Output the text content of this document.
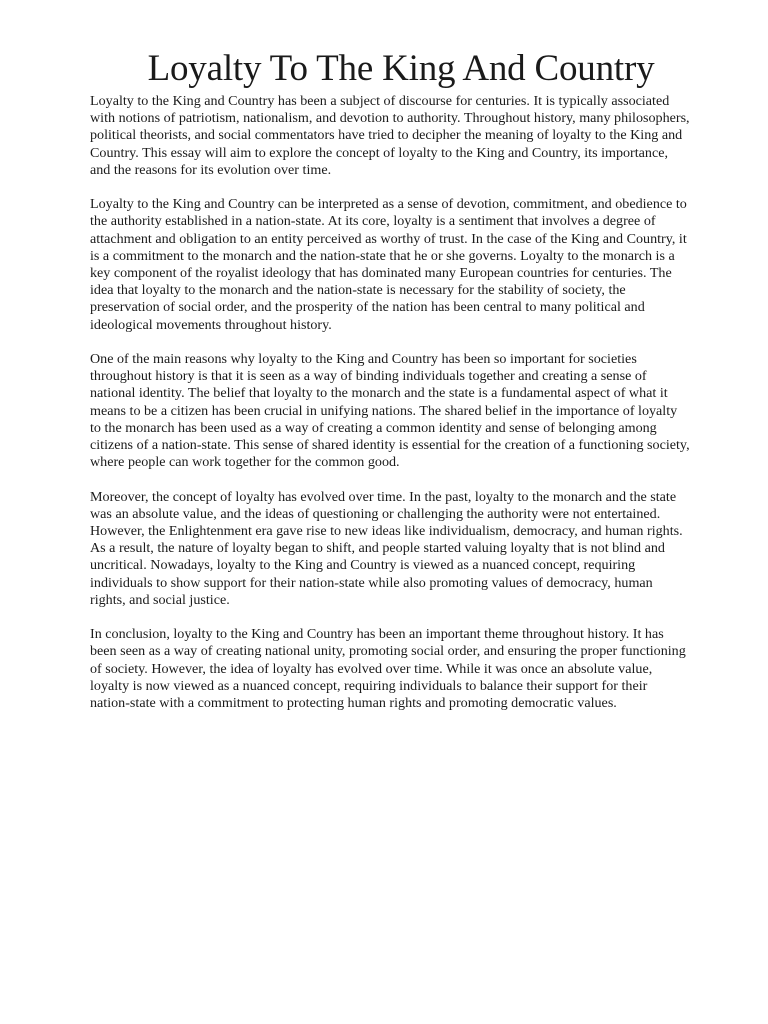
Loyalty To The King And Country

Loyalty to the King and Country has been a subject of discourse for centuries. It is typically associated with notions of patriotism, nationalism, and devotion to authority. Throughout history, many philosophers, political theorists, and social commentators have tried to decipher the meaning of loyalty to the King and Country. This essay will aim to explore the concept of loyalty to the King and Country, its importance, and the reasons for its evolution over time.

Loyalty to the King and Country can be interpreted as a sense of devotion, commitment, and obedience to the authority established in a nation-state. At its core, loyalty is a sentiment that involves a degree of attachment and obligation to an entity perceived as worthy of trust. In the case of the King and Country, it is a commitment to the monarch and the nation-state that he or she governs. Loyalty to the monarch is a key component of the royalist ideology that has dominated many European countries for centuries. The idea that loyalty to the monarch and the nation-state is necessary for the stability of society, the preservation of social order, and the prosperity of the nation has been central to many political and ideological movements throughout history.

One of the main reasons why loyalty to the King and Country has been so important for societies throughout history is that it is seen as a way of binding individuals together and creating a sense of national identity. The belief that loyalty to the monarch and the state is a fundamental aspect of what it means to be a citizen has been crucial in unifying nations. The shared belief in the importance of loyalty to the monarch has been used as a way of creating a common identity and sense of belonging among citizens of a nation-state. This sense of shared identity is essential for the creation of a functioning society, where people can work together for the common good.

Moreover, the concept of loyalty has evolved over time. In the past, loyalty to the monarch and the state was an absolute value, and the ideas of questioning or challenging the authority were not entertained. However, the Enlightenment era gave rise to new ideas like individualism, democracy, and human rights. As a result, the nature of loyalty began to shift, and people started valuing loyalty that is not blind and uncritical. Nowadays, loyalty to the King and Country is viewed as a nuanced concept, requiring individuals to show support for their nation-state while also promoting values of democracy, human rights, and social justice.

In conclusion, loyalty to the King and Country has been an important theme throughout history. It has been seen as a way of creating national unity, promoting social order, and ensuring the proper functioning of society. However, the idea of loyalty has evolved over time. While it was once an absolute value, loyalty is now viewed as a nuanced concept, requiring individuals to balance their support for their nation-state with a commitment to protecting human rights and promoting democratic values.
